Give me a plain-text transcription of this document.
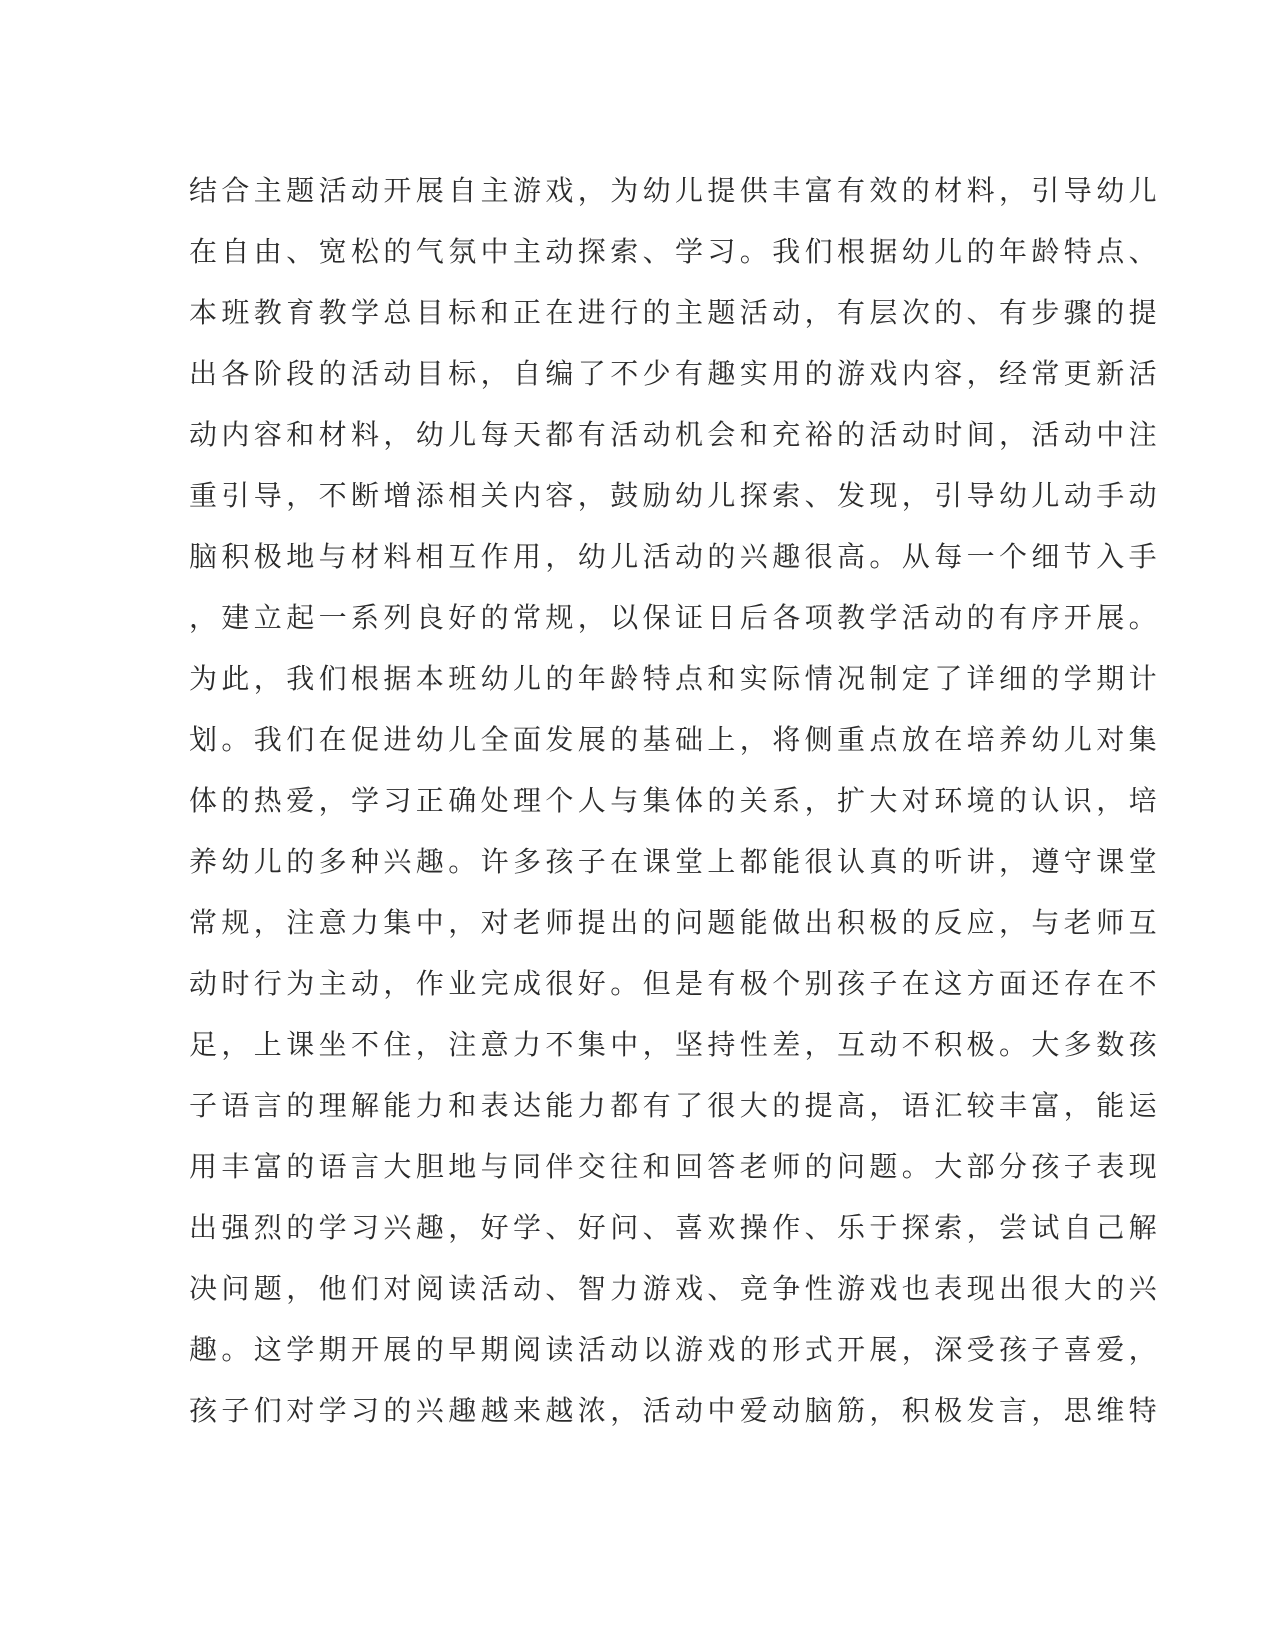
结合主题活动开展自主游戏，为幼儿提供丰富有效的材料，引导幼儿
在自由、宽松的气氛中主动探索、学习。我们根据幼儿的年龄特点、
本班教育教学总目标和正在进行的主题活动，有层次的、有步骤的提
出各阶段的活动目标，自编了不少有趣实用的游戏内容，经常更新活
动内容和材料，幼儿每天都有活动机会和充裕的活动时间，活动中注
重引导，不断增添相关内容，鼓励幼儿探索、发现，引导幼儿动手动
脑积极地与材料相互作用，幼儿活动的兴趣很高。从每一个细节入手
，建立起一系列良好的常规，以保证日后各项教学活动的有序开展。
为此，我们根据本班幼儿的年龄特点和实际情况制定了详细的学期计
划。我们在促进幼儿全面发展的基础上，将侧重点放在培养幼儿对集
体的热爱，学习正确处理个人与集体的关系，扩大对环境的认识，培
养幼儿的多种兴趣。许多孩子在课堂上都能很认真的听讲，遵守课堂
常规，注意力集中，对老师提出的问题能做出积极的反应，与老师互
动时行为主动，作业完成很好。但是有极个别孩子在这方面还存在不
足，上课坐不住，注意力不集中，坚持性差，互动不积极。大多数孩
子语言的理解能力和表达能力都有了很大的提高，语汇较丰富，能运
用丰富的语言大胆地与同伴交往和回答老师的问题。大部分孩子表现
出强烈的学习兴趣，好学、好问、喜欢操作、乐于探索，尝试自己解
决问题，他们对阅读活动、智力游戏、竞争性游戏也表现出很大的兴
趣。这学期开展的早期阅读活动以游戏的形式开展，深受孩子喜爱，
孩子们对学习的兴趣越来越浓，活动中爱动脑筋，积极发言，思维特
